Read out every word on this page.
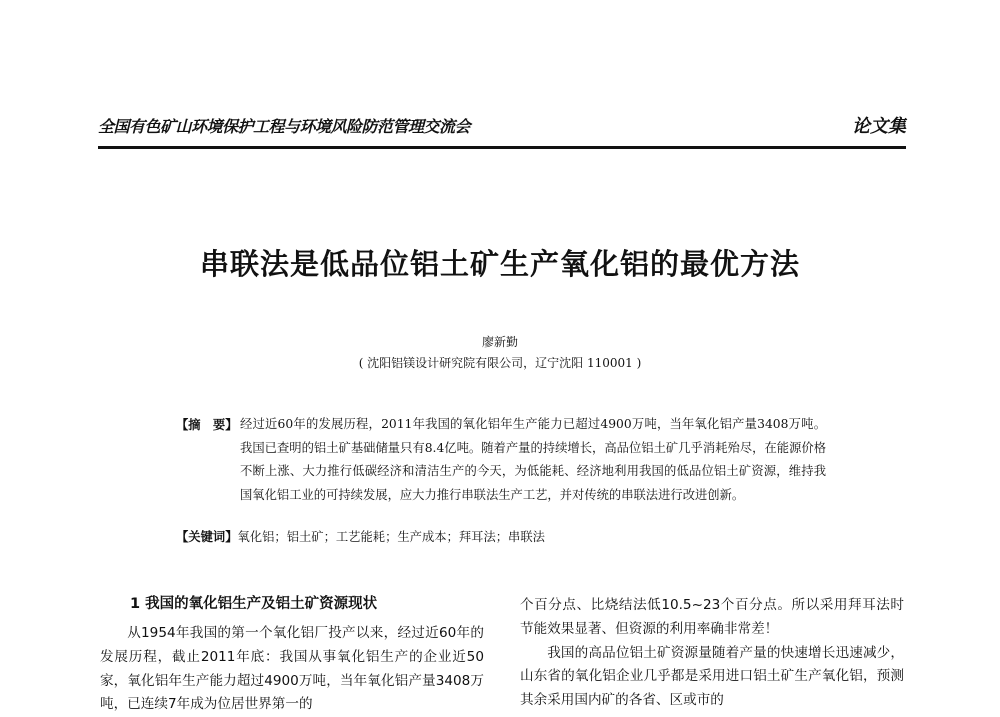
全国有色矿山环境保护工程与环境风险防范管理交流会	论文集
串联法是低品位铝土矿生产氧化铝的最优方法
廖新勤
( 沈阳铝镁设计研究院有限公司，辽宁沈阳 110001 )
【摘　要】 经过近60年的发展历程，2011年我国的氧化铝年生产能力已超过4900万吨，当年氧化铝产量3408万吨。我国已查明的铝土矿基础储量只有8.4亿吨。随着产量的持续增长，高品位铝土矿几乎消耗殆尽，在能源价格不断上涨、大力推行低碳经济和清洁生产的今天，为低能耗、经济地利用我国的低品位铝土矿资源，维持我国氧化铝工业的可持续发展，应大力推行串联法生产工艺，并对传统的串联法进行改进创新。
【关键词】氧化铝；铝土矿；工艺能耗；生产成本；拜耳法；串联法
1 我国的氧化铝生产及铝土矿资源现状

从1954年我国的第一个氧化铝厂投产以来，经过近60年的发展历程，截止2011年底：我国从事氧化铝生产的企业近50家，氧化铝年生产能力超过4900万吨，当年氧化铝产量3408万吨，已连续7年成为位居世界第一的

个百分点、比烧结法低10.5~23个百分点。所以采用拜耳法时节能效果显著、但资源的利用率确非常差！

我国的高品位铝土矿资源量随着产量的快速增长迅速减少，山东省的氧化铝企业几乎都是采用进口铝土矿生产氧化铝，预测其余采用国内矿的各省、区或市的
